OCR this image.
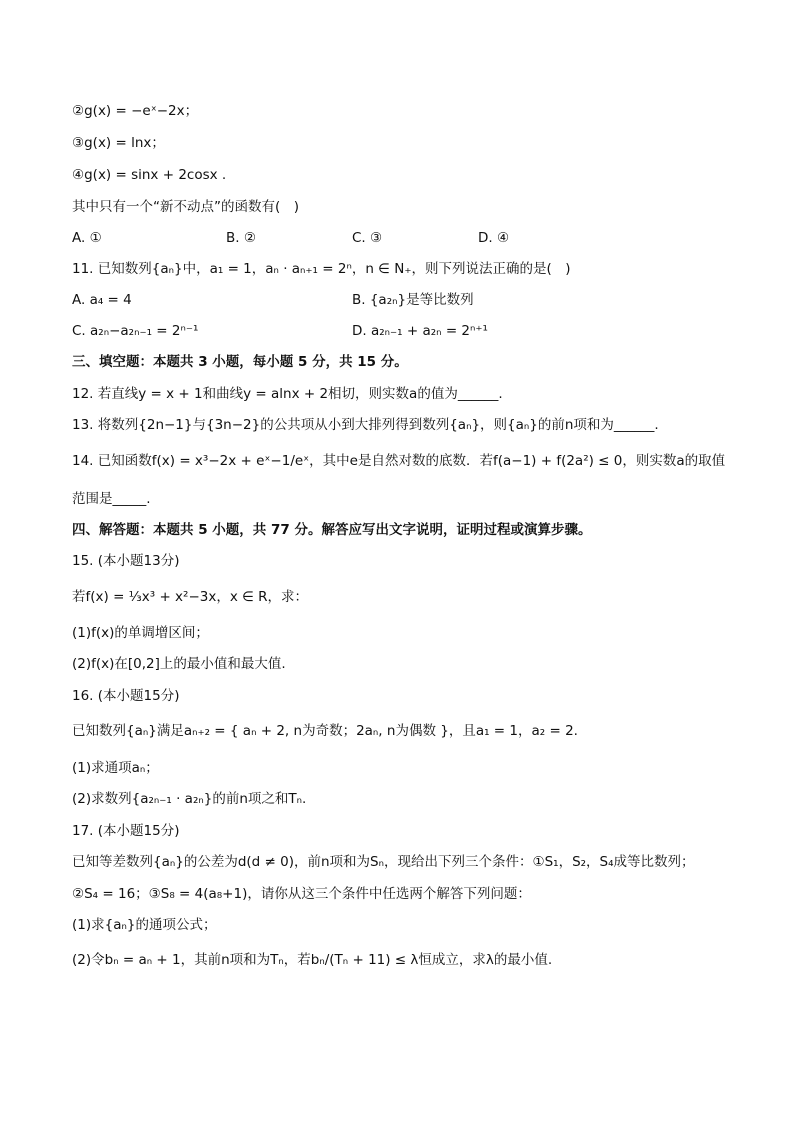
②g(x) = −eˣ−2x；
③g(x) = lnx；
④g(x) = sinx + 2cosx .
其中只有一个“新不动点”的函数有(　)
A. ①	B. ②	C. ③	D. ④
11. 已知数列{aₙ}中，a₁ = 1，aₙ · aₙ₊₁ = 2ⁿ，n ∈ N₊，则下列说法正确的是(　)
A. a₄ = 4	B. {a₂ₙ}是等比数列
C. a₂ₙ−a₂ₙ₋₁ = 2ⁿ⁻¹	D. a₂ₙ₋₁ + a₂ₙ = 2ⁿ⁺¹
三、填空题：本题共 3 小题，每小题 5 分，共 15 分。
12. 若直线y = x + 1和曲线y = alnx + 2相切，则实数a的值为______.
13. 将数列{2n−1}与{3n−2}的公共项从小到大排列得到数列{aₙ}，则{aₙ}的前n项和为______.
14. 已知函数f(x) = x³−2x + eˣ−1/eˣ，其中e是自然对数的底数．若f(a−1) + f(2a²) ≤ 0，则实数a的取值
范围是_____.
四、解答题：本题共 5 小题，共 77 分。解答应写出文字说明，证明过程或演算步骤。
15. (本小题13分)
若f(x) = ⅓x³ + x²−3x，x ∈ R，求：
(1)f(x)的单调增区间；
(2)f(x)在[0,2]上的最小值和最大值.
16. (本小题15分)
已知数列{aₙ}满足aₙ₊₂ = { aₙ + 2, n为奇数；2aₙ, n为偶数 }，且a₁ = 1，a₂ = 2.
(1)求通项aₙ；
(2)求数列{a₂ₙ₋₁ · a₂ₙ}的前n项之和Tₙ.
17. (本小题15分)
已知等差数列{aₙ}的公差为d(d ≠ 0)，前n项和为Sₙ，现给出下列三个条件：①S₁，S₂，S₄成等比数列；
②S₄ = 16；③S₈ = 4(a₈+1)，请你从这三个条件中任选两个解答下列问题：
(1)求{aₙ}的通项公式；
(2)令bₙ = aₙ + 1，其前n项和为Tₙ，若bₙ/(Tₙ + 11) ≤ λ恒成立，求λ的最小值.
